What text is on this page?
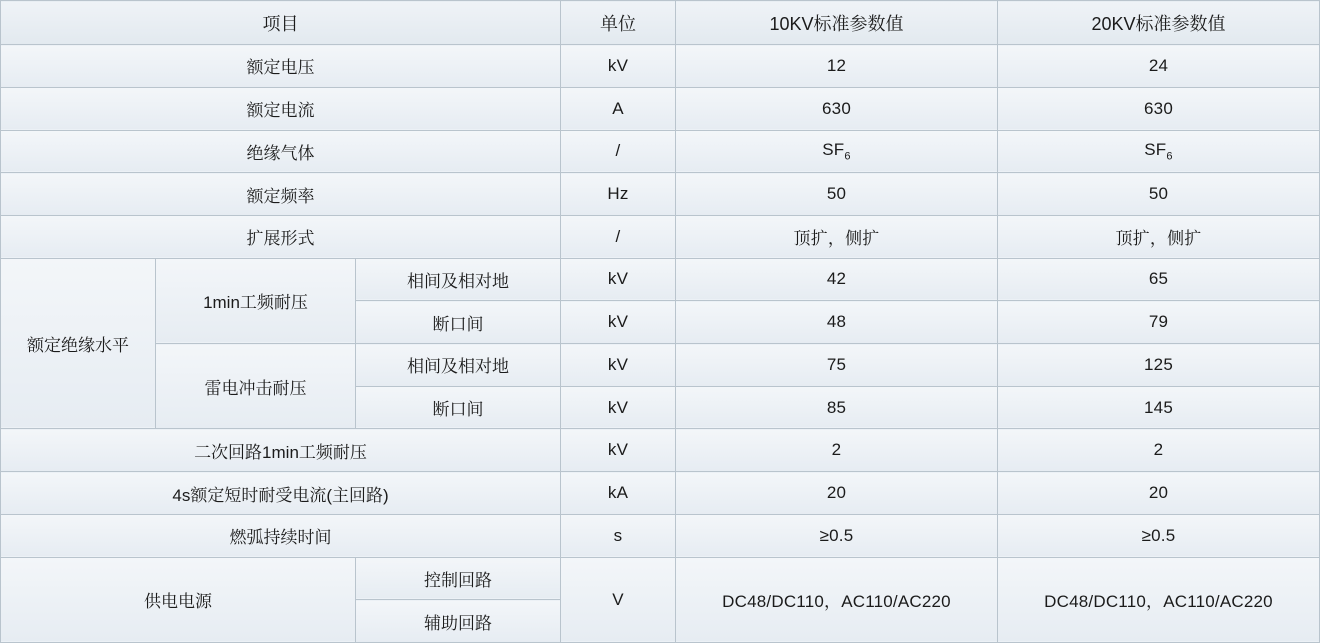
项目			单位	10KV标准参数值	20KV标准参数值
额定电压			kV	12	24
额定电流			A	630	630
绝缘气体			/	$SF_6$	$SF_6$
额定频率			Hz	50	50
扩展形式			/	顶扩，侧扩	顶扩，侧扩
额定绝缘水平	1min工频耐压	相间及相对地	kV	42	65
		断口间	kV	48	79
	雷电冲击耐压	相间及相对地	kV	75	125
		断口间	kV	85	145
二次回路1min工频耐压			kV	2	2
4s额定短时耐受电流(主回路)			kA	20	20
燃弧持续时间			s	≥0.5	≥0.5
供电电源		控制回路	V	DC48/DC110，AC110/AC220	DC48/DC110，AC110/AC220
		辅助回路			
